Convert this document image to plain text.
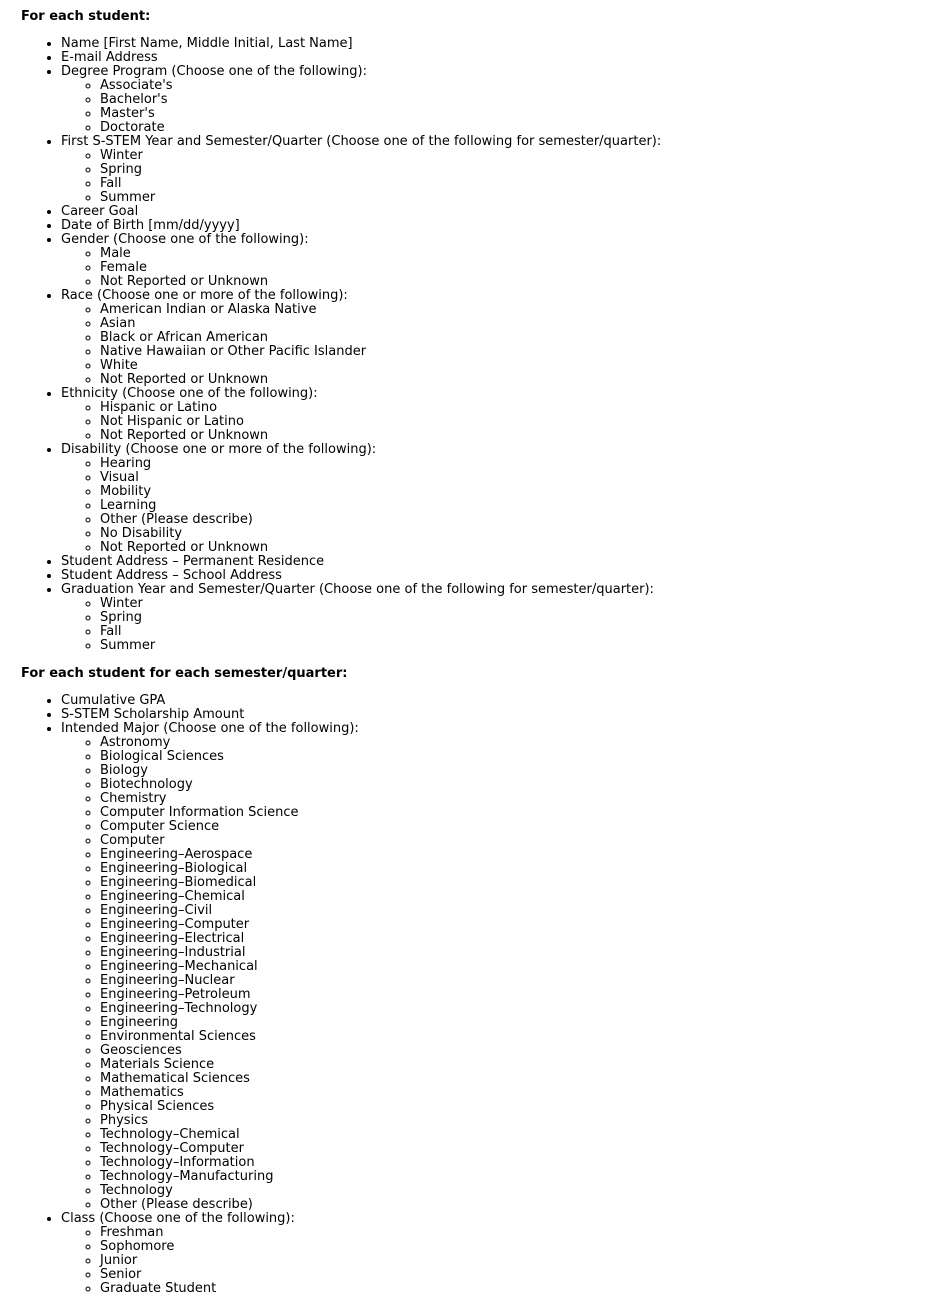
For each student:
• Name [First Name, Middle Initial, Last Name]
• E-mail Address
• Degree Program (Choose one of the following):
◦ Associate's
◦ Bachelor's
◦ Master's
◦ Doctorate
• First S-STEM Year and Semester/Quarter (Choose one of the following for semester/quarter):
◦ Winter
◦ Spring
◦ Fall
◦ Summer
• Career Goal
• Date of Birth [mm/dd/yyyy]
• Gender (Choose one of the following):
◦ Male
◦ Female
◦ Not Reported or Unknown
• Race (Choose one or more of the following):
◦ American Indian or Alaska Native
◦ Asian
◦ Black or African American
◦ Native Hawaiian or Other Pacific Islander
◦ White
◦ Not Reported or Unknown
• Ethnicity (Choose one of the following):
◦ Hispanic or Latino
◦ Not Hispanic or Latino
◦ Not Reported or Unknown
• Disability (Choose one or more of the following):
◦ Hearing
◦ Visual
◦ Mobility
◦ Learning
◦ Other (Please describe)
◦ No Disability
◦ Not Reported or Unknown
• Student Address – Permanent Residence
• Student Address – School Address
• Graduation Year and Semester/Quarter (Choose one of the following for semester/quarter):
◦ Winter
◦ Spring
◦ Fall
◦ Summer
For each student for each semester/quarter:
• Cumulative GPA
• S-STEM Scholarship Amount
• Intended Major (Choose one of the following):
◦ Astronomy
◦ Biological Sciences
◦ Biology
◦ Biotechnology
◦ Chemistry
◦ Computer Information Science
◦ Computer Science
◦ Computer
◦ Engineering–Aerospace
◦ Engineering–Biological
◦ Engineering–Biomedical
◦ Engineering–Chemical
◦ Engineering–Civil
◦ Engineering–Computer
◦ Engineering–Electrical
◦ Engineering–Industrial
◦ Engineering–Mechanical
◦ Engineering–Nuclear
◦ Engineering–Petroleum
◦ Engineering–Technology
◦ Engineering
◦ Environmental Sciences
◦ Geosciences
◦ Materials Science
◦ Mathematical Sciences
◦ Mathematics
◦ Physical Sciences
◦ Physics
◦ Technology–Chemical
◦ Technology–Computer
◦ Technology–Information
◦ Technology–Manufacturing
◦ Technology
◦ Other (Please describe)
• Class (Choose one of the following):
◦ Freshman
◦ Sophomore
◦ Junior
◦ Senior
◦ Graduate Student
